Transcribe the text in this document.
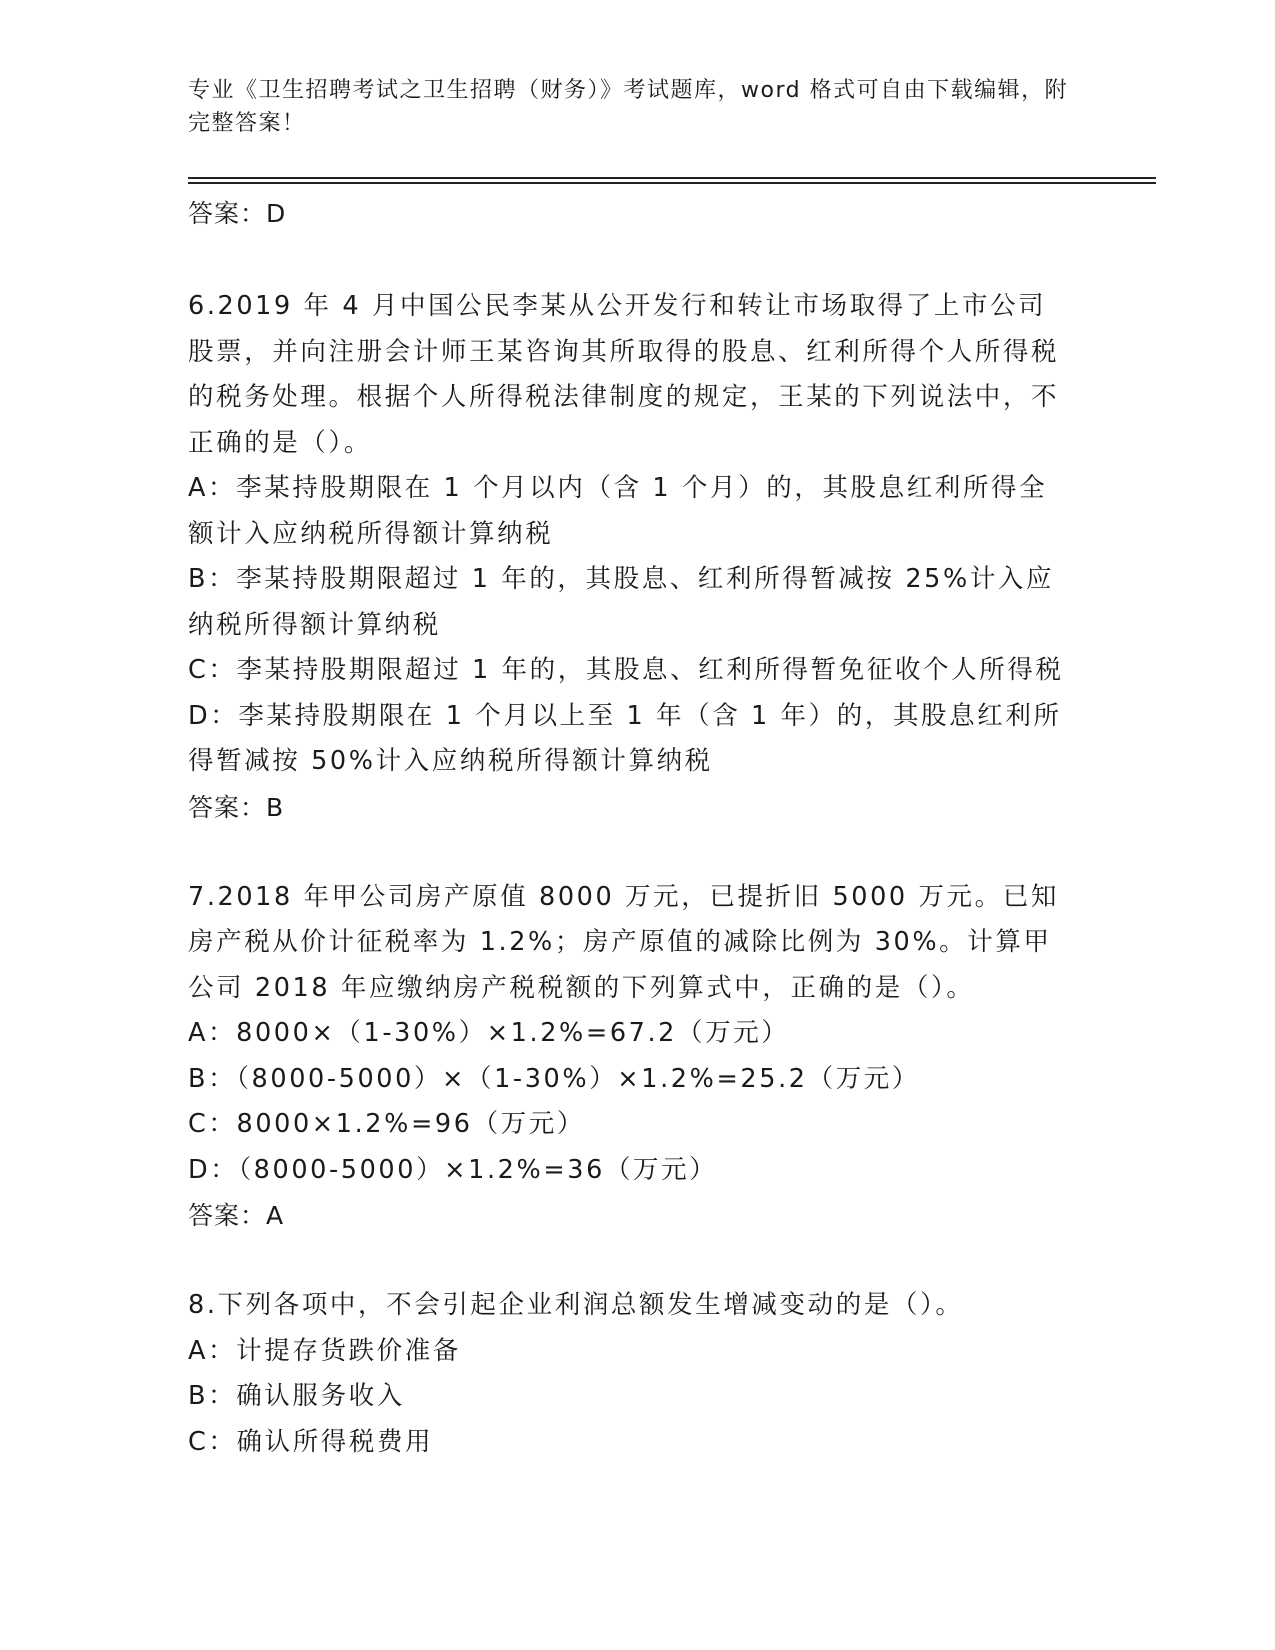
专业《卫生招聘考试之卫生招聘（财务）》考试题库，word 格式可自由下载编辑，附完整答案！

答案：D

6.2019 年 4 月中国公民李某从公开发行和转让市场取得了上市公司股票，并向注册会计师王某咨询其所取得的股息、红利所得个人所得税的税务处理。根据个人所得税法律制度的规定，王某的下列说法中，不正确的是（）。

A：李某持股期限在 1 个月以内（含 1 个月）的，其股息红利所得全额计入应纳税所得额计算纳税

B：李某持股期限超过 1 年的，其股息、红利所得暂减按 25%计入应纳税所得额计算纳税

C：李某持股期限超过 1 年的，其股息、红利所得暂免征收个人所得税

D：李某持股期限在 1 个月以上至 1 年（含 1 年）的，其股息红利所得暂减按 50%计入应纳税所得额计算纳税

答案：B

7.2018 年甲公司房产原值 8000 万元，已提折旧 5000 万元。已知房产税从价计征税率为 1.2%；房产原值的减除比例为 30%。计算甲公司 2018 年应缴纳房产税税额的下列算式中，正确的是（）。

A：8000×（1-30%）×1.2%=67.2（万元）

B：（8000-5000）×（1-30%）×1.2%=25.2（万元）

C：8000×1.2%=96（万元）

D：（8000-5000）×1.2%=36（万元）

答案：A

8.下列各项中，不会引起企业利润总额发生增减变动的是（）。

A：计提存货跌价准备

B：确认服务收入

C：确认所得税费用
